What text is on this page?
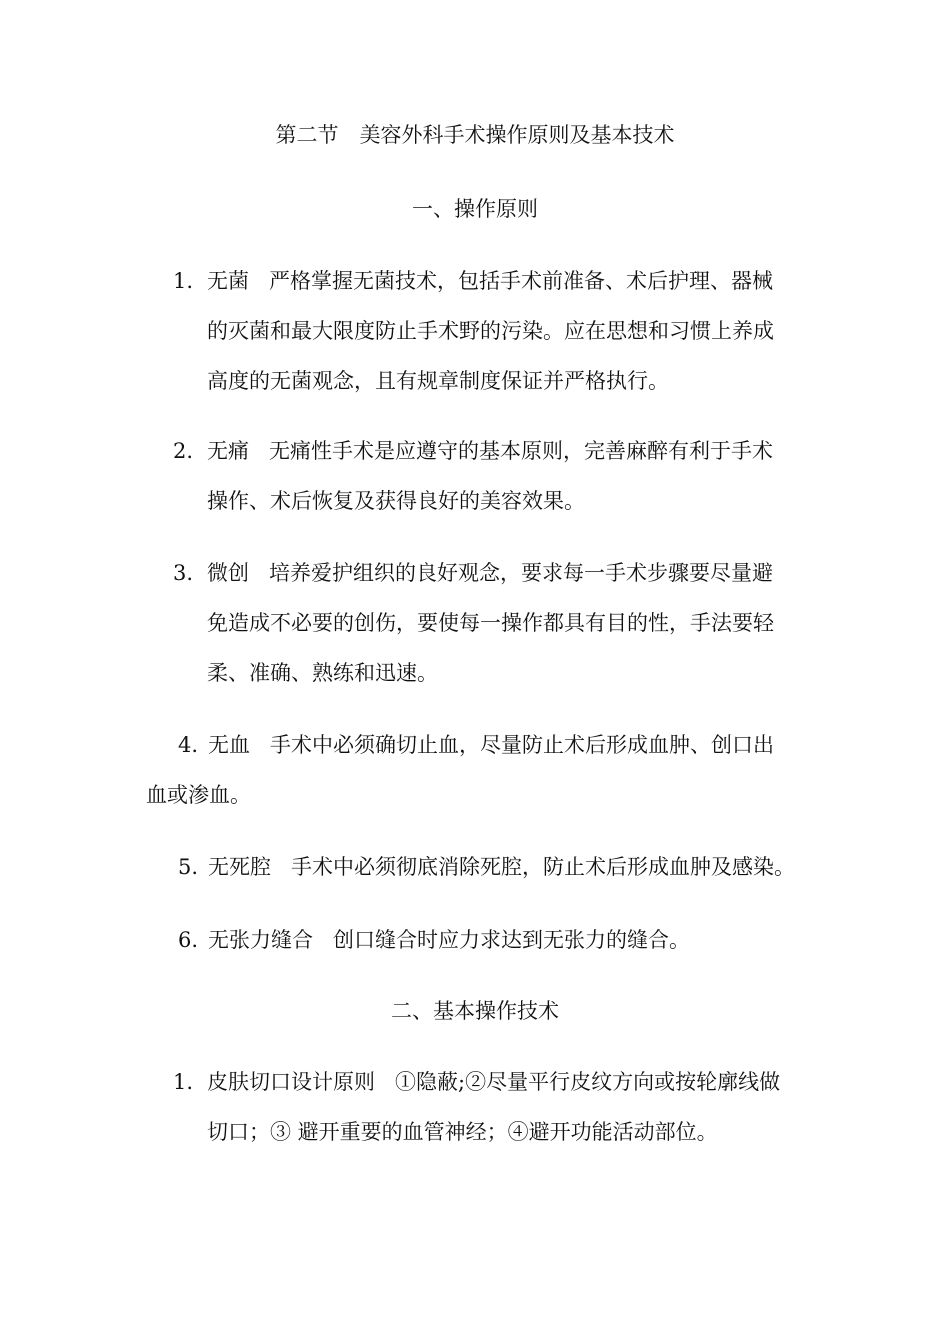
第二节　美容外科手术操作原则及基本技术
一、操作原则
1. 无菌 严格掌握无菌技术，包括手术前准备、术后护理、器械
的灭菌和最大限度防止手术野的污染。应在思想和习惯上养成
高度的无菌观念，且有规章制度保证并严格执行。
2. 无痛 无痛性手术是应遵守的基本原则，完善麻醉有利于手术
操作、术后恢复及获得良好的美容效果。
3. 微创 培养爱护组织的良好观念，要求每一手术步骤要尽量避
免造成不必要的创伤，要使每一操作都具有目的性，手法要轻
柔、准确、熟练和迅速。
4. 无血 手术中必须确切止血，尽量防止术后形成血肿、创口出
血或渗血。
5. 无死腔 手术中必须彻底消除死腔，防止术后形成血肿及感染。
6. 无张力缝合 创口缝合时应力求达到无张力的缝合。
二、基本操作技术
1. 皮肤切口设计原则 ①隐蔽;②尽量平行皮纹方向或按轮廓线做
切口；③ 避开重要的血管神经；④避开功能活动部位。
